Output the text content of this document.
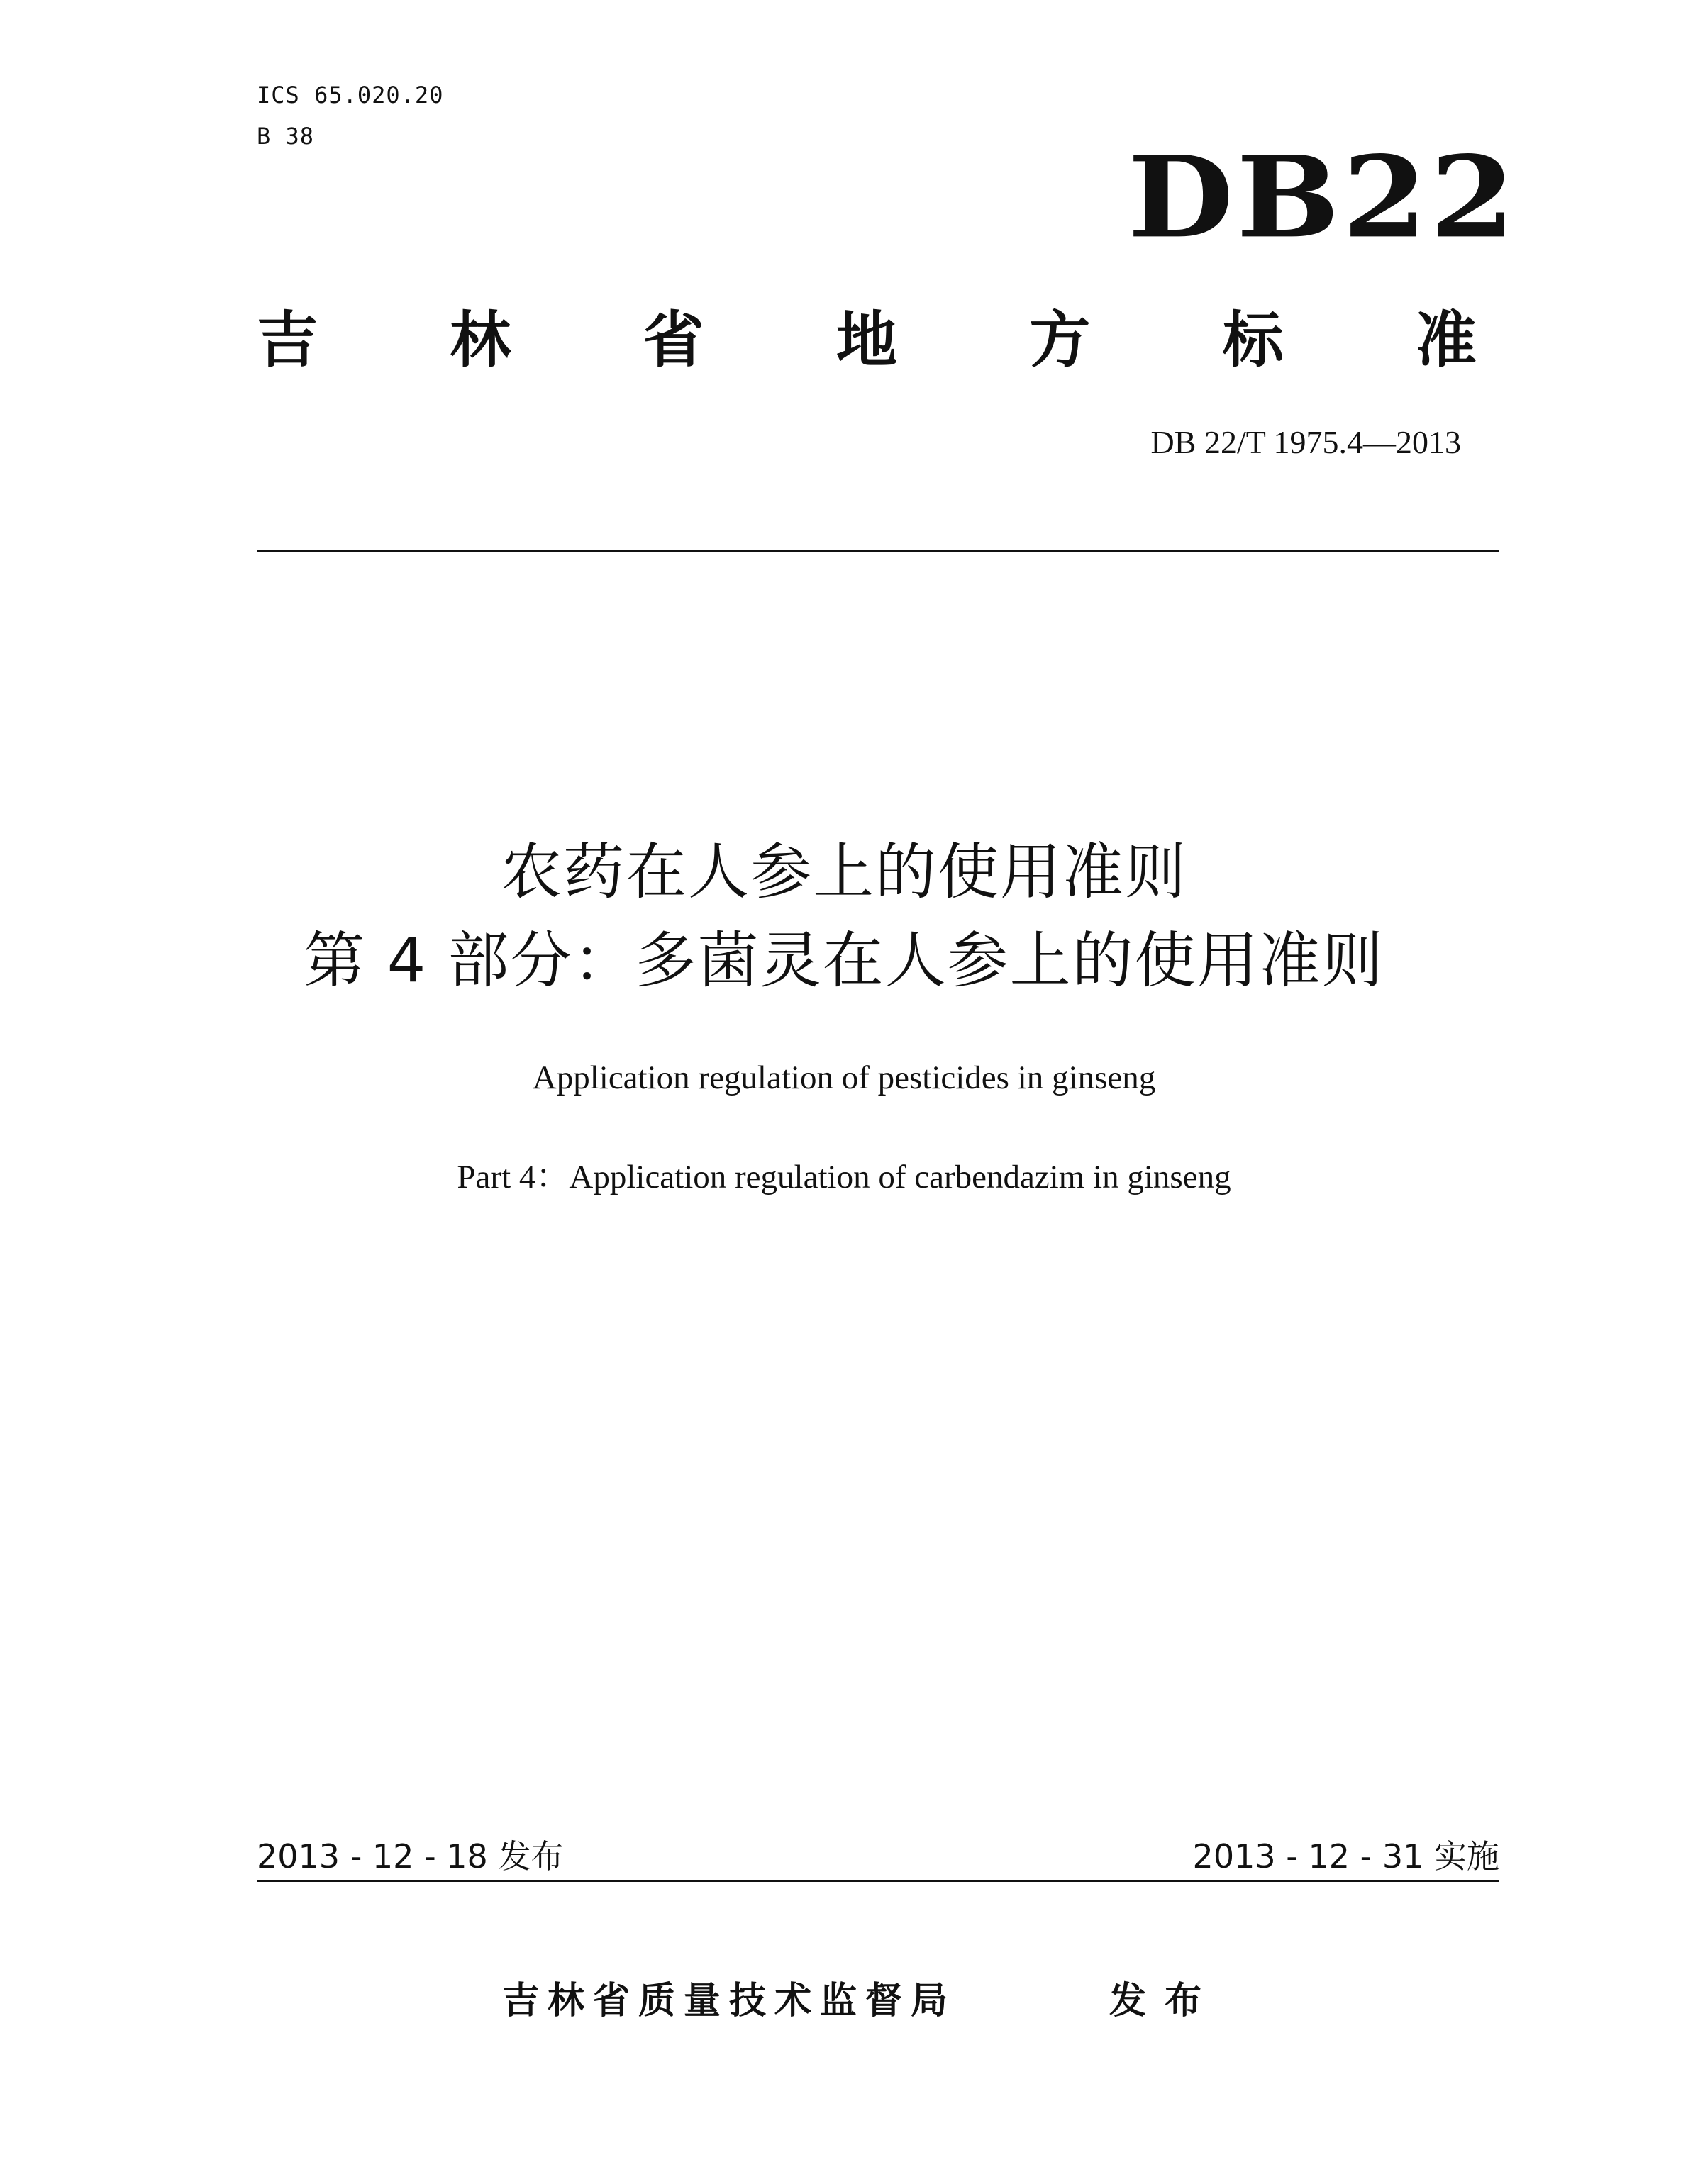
ICS 65.020.20

B 38	DB22
吉 林 省 地 方 标 准
DB 22/T 1975.4—2013
农药在人参上的使用准则
第 4 部分：多菌灵在人参上的使用准则

Application regulation of pesticides in ginseng

Part 4：Application regulation of carbendazim in ginseng

2013 - 12 - 18 发布	2013 - 12 - 31 实施
吉林省质量技术监督局	发布
